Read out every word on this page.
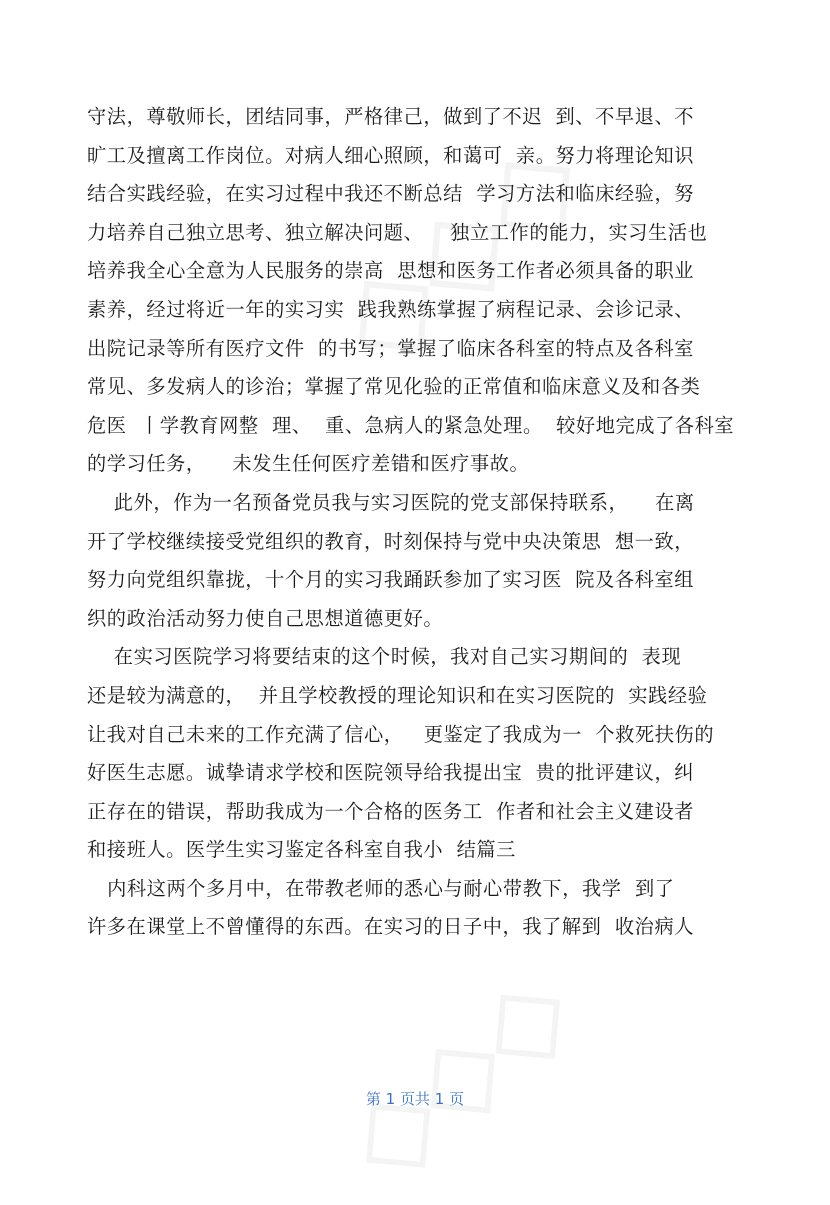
守法，尊敬师长，团结同事，严格律己，做到了不迟  到、不早退、不
旷工及擅离工作岗位。对病人细心照顾，和蔼可  亲。努力将理论知识
结合实践经验，在实习过程中我还不断总结  学习方法和临床经验，努
力培养自己独立思考、独立解决问题、    独立工作的能力，实习生活也
培养我全心全意为人民服务的崇高  思想和医务工作者必须具备的职业
素养，经过将近一年的实习实  践我熟练掌握了病程记录、会诊记录、
出院记录等所有医疗文件  的书写；掌握了临床各科室的特点及各科室
常见、多发病人的诊治；掌握了常见化验的正常值和临床意义及和各类
危医  丨学教育网整  理、  重、急病人的紧急处理。  较好地完成了各科室
的学习任务，    未发生任何医疗差错和医疗事故。
此外，作为一名预备党员我与实习医院的党支部保持联系，    在离
开了学校继续接受党组织的教育，时刻保持与党中央决策思  想一致，
努力向党组织靠拢，十个月的实习我踊跃参加了实习医  院及各科室组
织的政治活动努力使自己思想道德更好。
在实习医院学习将要结束的这个时候，我对自己实习期间的  表现
还是较为满意的，  并且学校教授的理论知识和在实习医院的  实践经验
让我对自己未来的工作充满了信心，   更鉴定了我成为一  个救死扶伤的
好医生志愿。诚挚请求学校和医院领导给我提出宝  贵的批评建议，纠
正存在的错误，帮助我成为一个合格的医务工  作者和社会主义建设者
和接班人。医学生实习鉴定各科室自我小  结篇三
内科这两个多月中，在带教老师的悉心与耐心带教下，我学  到了
许多在课堂上不曾懂得的东西。在实习的日子中，我了解到  收治病人
第 1 页共 1 页
